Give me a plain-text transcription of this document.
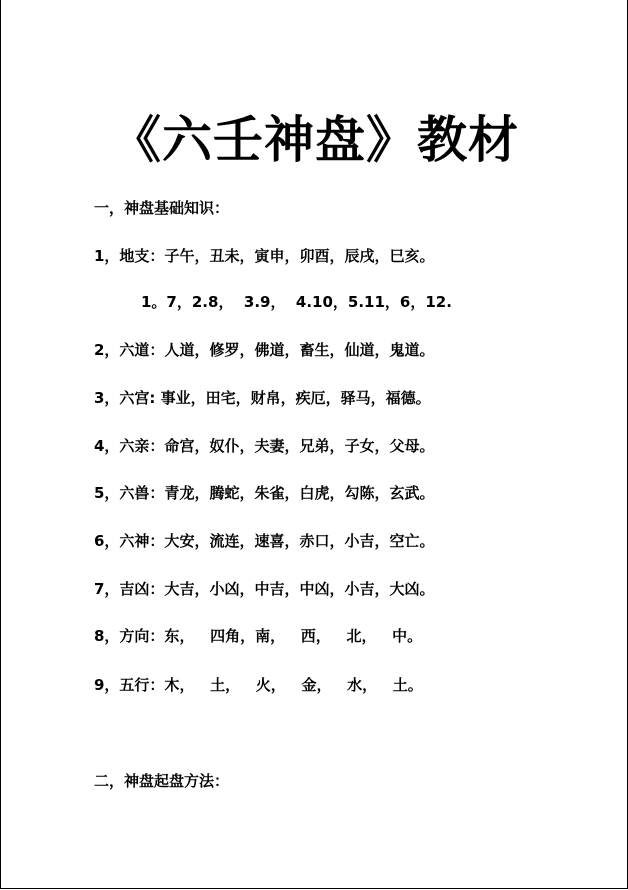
《六壬神盘》教材
一，神盘基础知识：
1，地支：子午，丑未，寅申，卯酉，辰戌，巳亥。
1。7，2.8，  3.9，  4.10，5.11，6，12.
2，六道：人道，修罗，佛道，畜生，仙道，鬼道。
3，六宫: 事业，田宅，财帛，疾厄，驿马，福德。
4，六亲：命宫，奴仆，夫妻，兄弟，子女，父母。
5，六兽：青龙，腾蛇，朱雀，白虎，勾陈，玄武。
6，六神：大安，流连，速喜，赤口，小吉，空亡。
7，吉凶：大吉，小凶，中吉，中凶，小吉，大凶。
8，方向：东，   四角，南，   西，   北，   中。
9，五行：木，   土，   火，   金，   水，   土。
二，神盘起盘方法：
